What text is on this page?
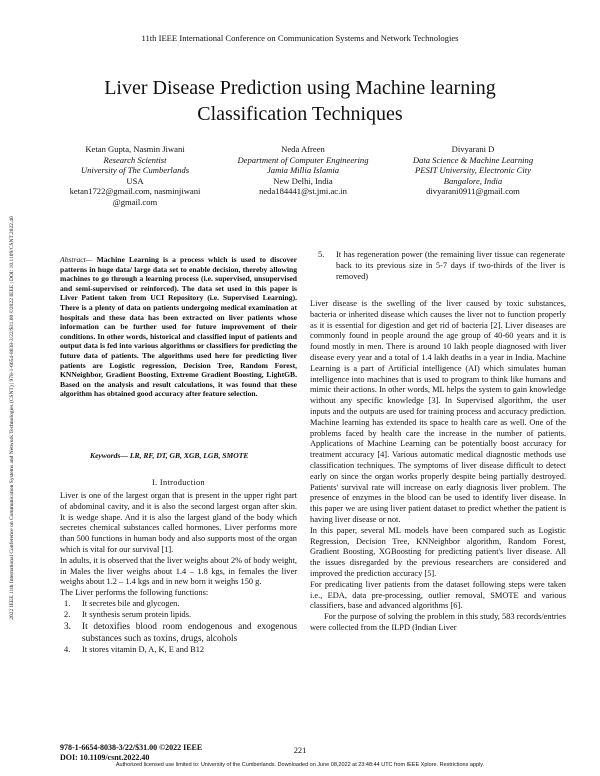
11th IEEE International Conference on Communication Systems and Network Technologies
Liver Disease Prediction using Machine learning
Classification Techniques
2022 IEEE 11th International Conference on Communication Systems and Network Technologies (CSNT) | 978-1-6654-8038-3/22/$31.00 ©2022 IEEE | DOI: 10.1109/CSNT.2022.40
Ketan Gupta, Nasmin Jiwani
Research Scientist
University of The Cumberlands
USA
ketan1722@gmail.com, nasminjiwani
@gmail.com
Neda Afreen
Department of Computer Engineering
Jamia Millia Islamia
New Delhi, India
neda184441@st.jmi.ac.in
Divyarani D
Data Science & Machine Learning
PESIT University, Electronic City
Bangalore, India
divyarani0911@gmail.com
Abstract— Machine Learning is a process which is used to discover patterns in huge data/ large data set to enable decision, thereby allowing machines to go through a learning process (i.e. supervised, unsupervised and semi-supervised or reinforced). The data set used in this paper is Liver Patient taken from UCI Repository (i.e. Supervised Learning). There is a plenty of data on patients undergoing medical examination at hospitals and these data has been extracted on liver patients whose information can be further used for future improvement of their conditions. In other words, historical and classified input of patients and output data is fed into various algorithms or classifiers for predicting the future data of patients. The algorithms used here for predicting liver patients are Logistic regression, Decision Tree, Random Forest, KNNeighbor, Gradient Boosting, Extreme Gradient Boosting, LightGB. Based on the analysis and result calculations, it was found that these algorithm has obtained good accuracy after feature selection.
Keywords— LR, RF, DT, GB, XGB, LGB, SMOTE
I. Introduction

Liver is one of the largest organ that is present in the upper right part of abdominal cavity, and it is also the second largest organ after skin. It is wedge shape. And it is also the largest gland of the body which secretes chemical substances called hormones. Liver performs more than 500 functions in human body and also supports most of the organ which is vital for our survival [1].

In adults, it is observed that the liver weighs about 2% of body weight, in Males the liver weighs about 1.4 – 1.8 kgs, in females the liver weighs about 1.2 – 1.4 kgs and in new born it weighs 150 g.

The Liver performs the following functions:

1. It secretes bile and glycogen.
2. It synthesis serum protein lipids.
3. It detoxifies blood room endogenous and exogenous substances such as toxins, drugs, alcohols
4. It stores vitamin D, A, K, E and B12
5. It has regeneration power (the remaining liver tissue can regenerate back to its previous size in 5-7 days if two-thirds of the liver is removed)

Liver disease is the swelling of the liver caused by toxic substances, bacteria or inherited disease which causes the liver not to function properly as it is essential for digestion and get rid of bacteria [2]. Liver diseases are commonly found in people around the age group of 40-60 years and it is found mostly in men. There is around 10 lakh people diagnosed with liver disease every year and a total of 1.4 lakh deaths in a year in India. Machine Learning is a part of Artificial intelligence (AI) which simulates human intelligence into machines that is used to program to think like humans and mimic their actions. In other words, ML helps the system to gain knowledge without any specific knowledge [3]. In Supervised algorithm, the user inputs and the outputs are used for training process and accuracy prediction. Machine learning has extended its space to health care as well. One of the problems faced by health care the increase in the number of patients. Applications of Machine Learning can be potentially boost accuracy for treatment accuracy [4]. Various automatic medical diagnostic methods use classification techniques. The symptoms of liver disease difficult to detect early on since the organ works properly despite being partially destroyed. Patients' survival rate will increase on early diagnosis liver problem. The presence of enzymes in the blood can be used to identify liver disease. In this paper we are using liver patient dataset to predict whether the patient is having liver disease or not.

In this paper, several ML models have been compared such as Logistic Regression, Decision Tree, KNNeighbor algorithm, Random Forest, Gradient Boosting, XGBoosting for predicting patient's liver disease. All the issues disregarded by the previous researchers are considered and improved the prediction accuracy [5].

For predicating liver patients from the dataset following steps were taken i.e., EDA, data pre-processing, outlier removal, SMOTE and various classifiers, base and advanced algorithms [6].

For the purpose of solving the problem in this study, 583 records/entries were collected from the ILPD (Indian Liver

978-1-6654-8038-3/22/$31.00 ©2022 IEEE
DOI: 10.1109/csnt.2022.40
221
Authorized licensed use limited to: University of the Cumberlands. Downloaded on June 08,2022 at 23:48:44 UTC from IEEE Xplore. Restrictions apply.
